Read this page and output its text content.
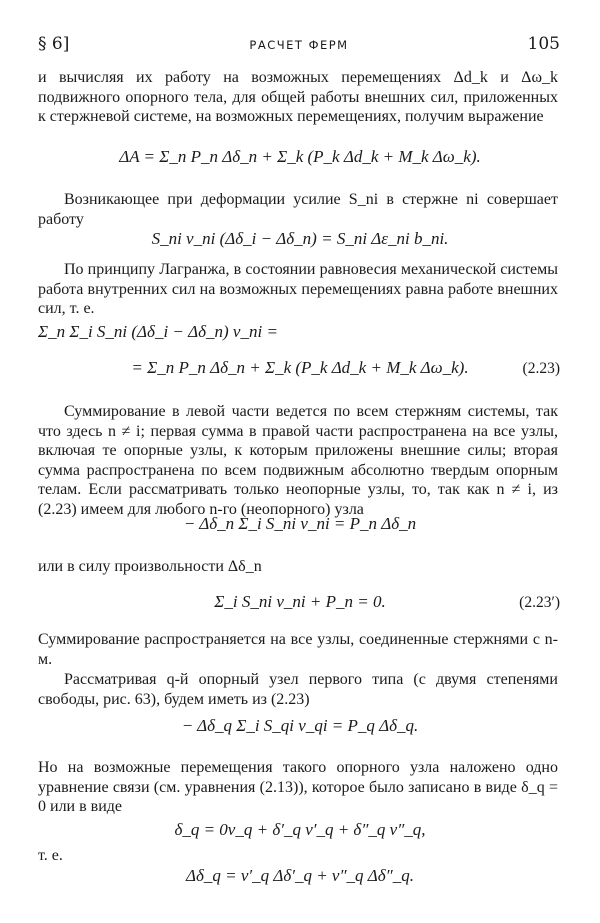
§ 6]	РАСЧЕТ ФЕРМ	105

и вычисляя их работу на возможных перемещениях Δd_k и Δω_k подвижного опорного тела, для общей работы внешних сил, приложенных к стержневой системе, на возможных перемещениях, получим выражение

ΔA = Σ_n P_n Δδ_n + Σ_k (P_k Δd_k + M_k Δω_k).

Возникающее при деформации усилие S_ni в стержне ni совершает работу

S_ni ν_ni (Δδ_i − Δδ_n) = S_ni Δε_ni b_ni.

По принципу Лагранжа, в состоянии равновесия механической системы работа внутренних сил на возможных перемещениях равна работе внешних сил, т. е.

Σ_n Σ_i S_ni (Δδ_i − Δδ_n) ν_ni =
= Σ_n P_n Δδ_n + Σ_k (P_k Δd_k + M_k Δω_k).	(2.23)

Суммирование в левой части ведется по всем стержням системы, так что здесь n ≠ i; первая сумма в правой части распространена на все узлы, включая те опорные узлы, к которым приложены внешние силы; вторая сумма распространена по всем подвижным абсолютно твердым опорным телам. Если рассматривать только неопорные узлы, то, так как n ≠ i, из (2.23) имеем для любого n-го (неопорного) узла

− Δδ_n Σ_i S_ni ν_ni = P_n Δδ_n

или в силу произвольности Δδ_n

Σ_i S_ni ν_ni + P_n = 0.	(2.23′)

Суммирование распространяется на все узлы, соединенные стержнями с n-м.

Рассматривая q-й опорный узел первого типа (с двумя степенями свободы, рис. 63), будем иметь из (2.23)

− Δδ_q Σ_i S_qi ν_qi = P_q Δδ_q.

Но на возможные перемещения такого опорного узла наложено одно уравнение связи (см. уравнения (2.13)), которое было записано в виде δ_q = 0 или в виде

δ_q = 0ν_q + δ′_q ν′_q + δ″_q ν″_q,

т. е.

Δδ_q = ν′_q Δδ′_q + ν″_q Δδ″_q.
